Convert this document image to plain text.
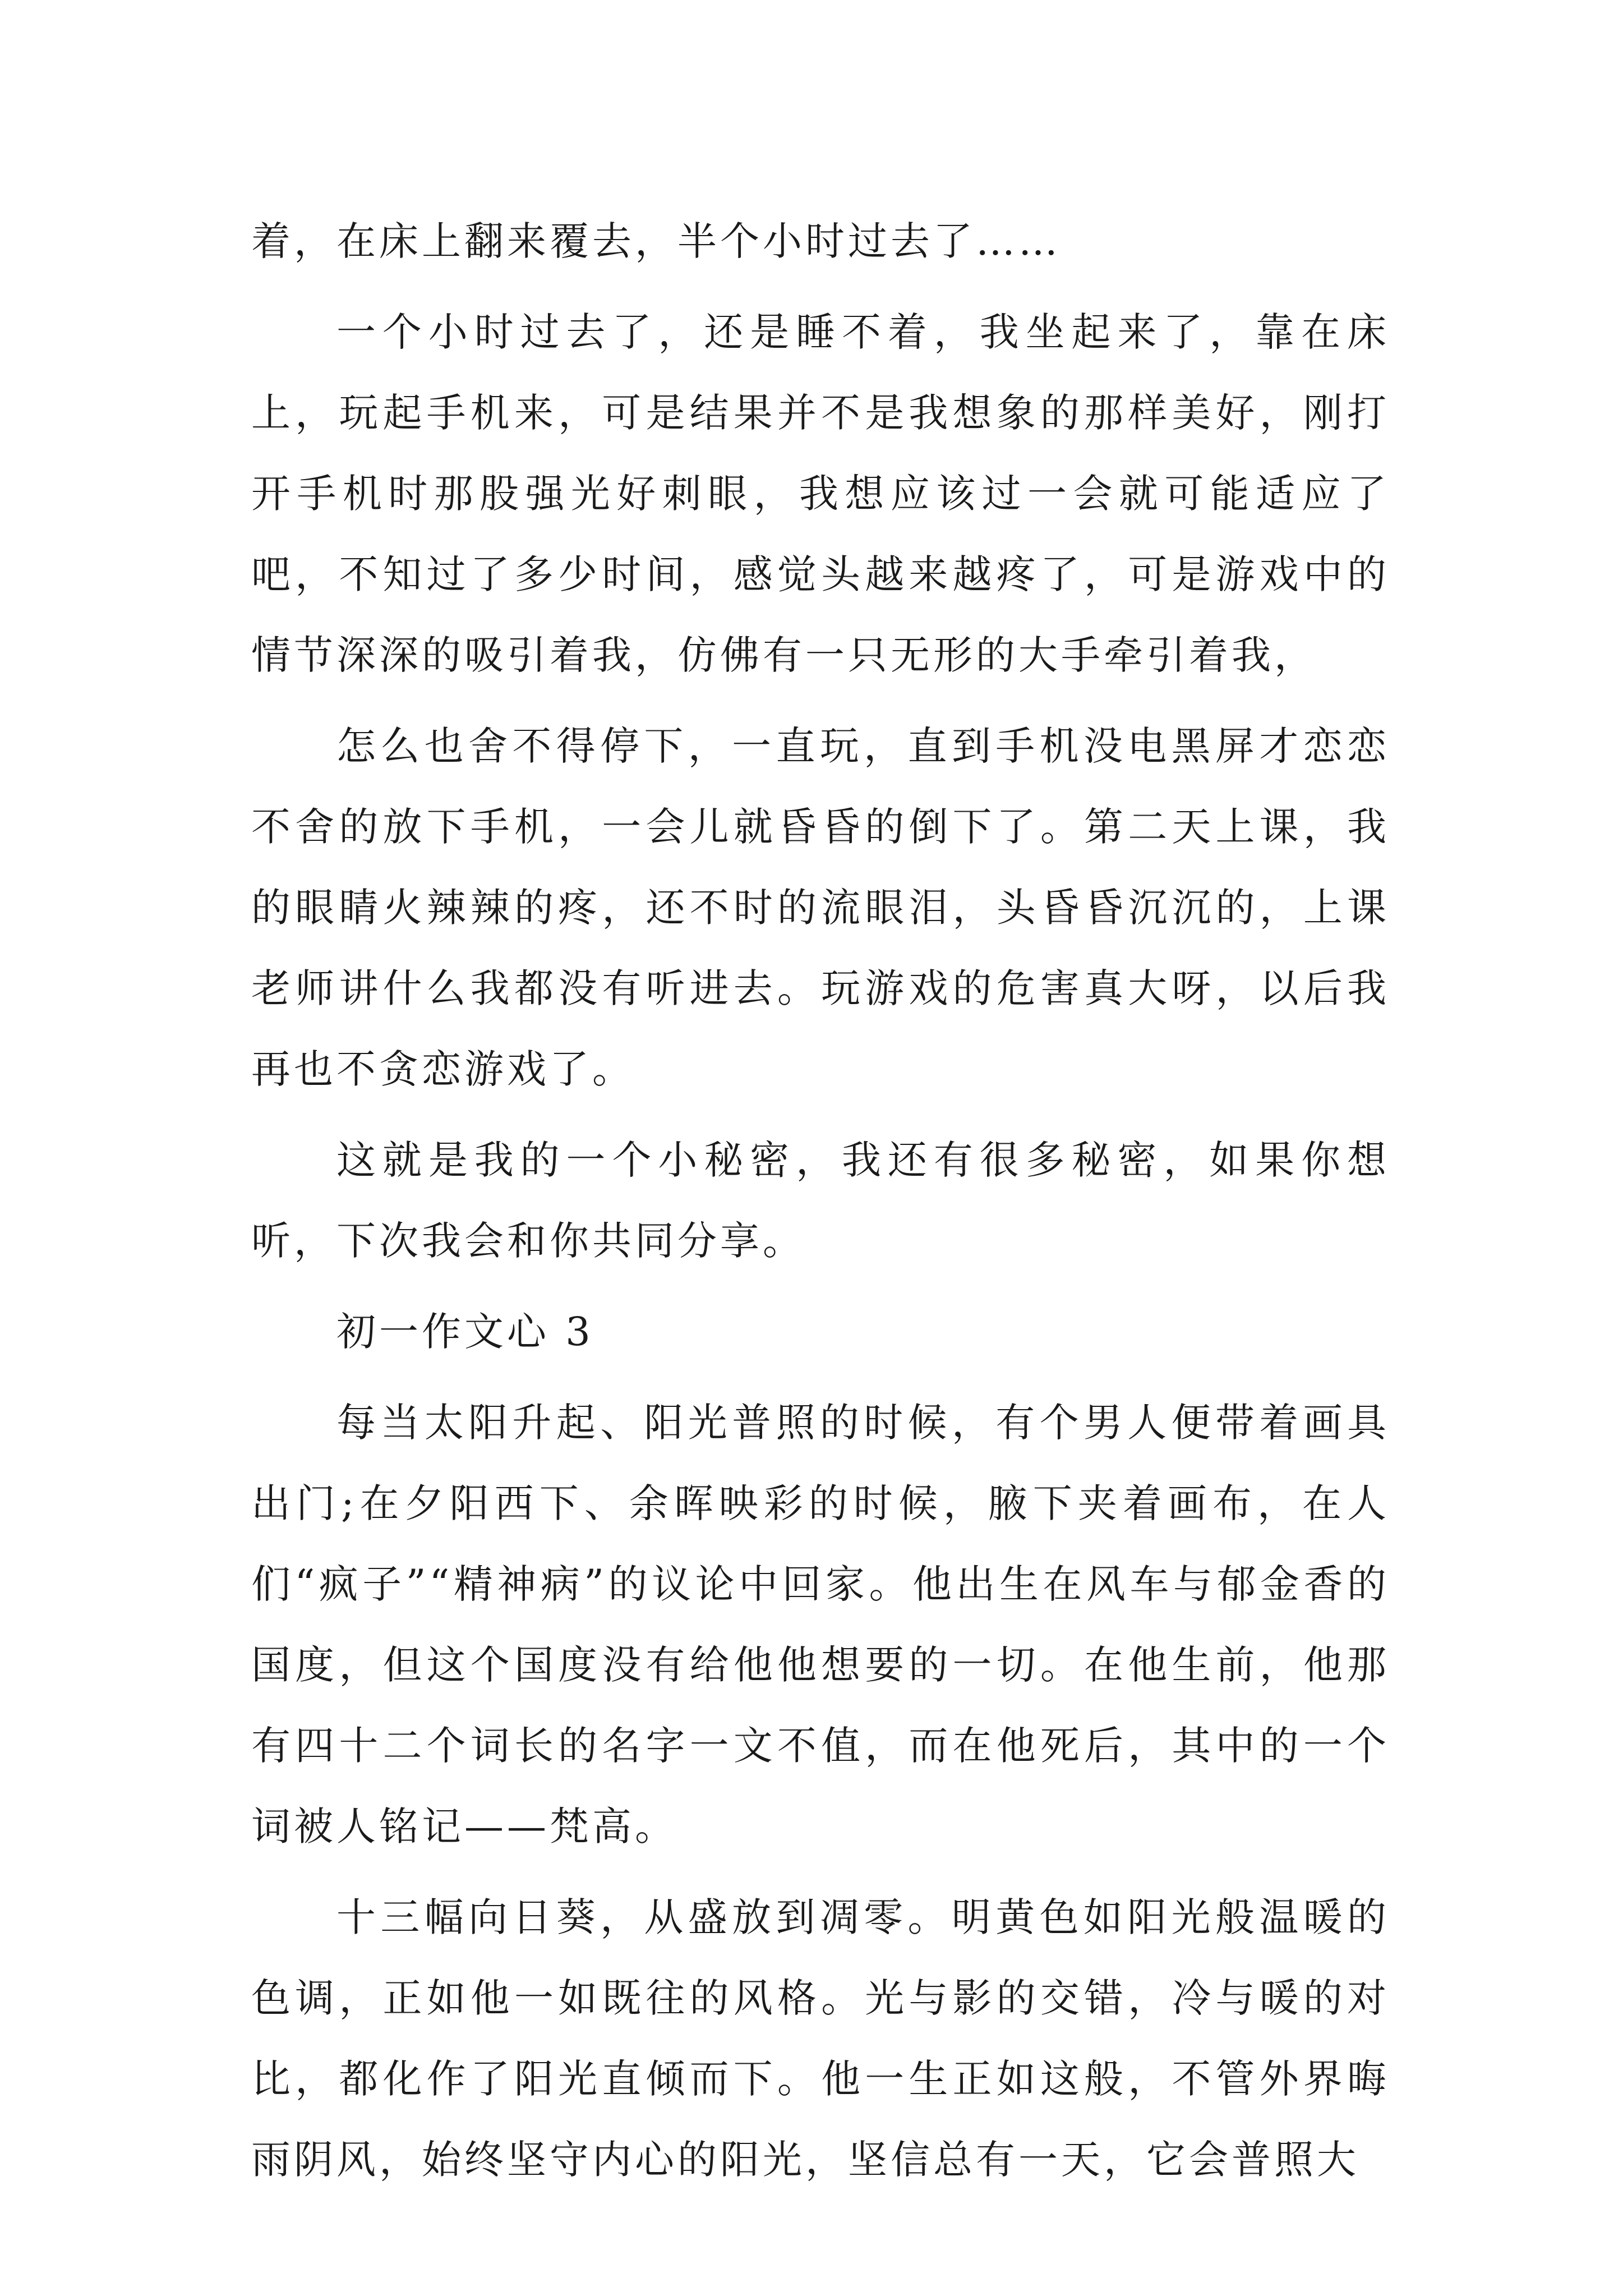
着，在床上翻来覆去，半个小时过去了……

一个小时过去了，还是睡不着，我坐起来了，靠在床上，玩起手机来，可是结果并不是我想象的那样美好，刚打开手机时那股强光好刺眼，我想应该过一会就可能适应了吧，不知过了多少时间，感觉头越来越疼了，可是游戏中的情节深深的吸引着我，仿佛有一只无形的大手牵引着我，

怎么也舍不得停下，一直玩，直到手机没电黑屏才恋恋不舍的放下手机，一会儿就昏昏的倒下了。第二天上课，我的眼睛火辣辣的疼，还不时的流眼泪，头昏昏沉沉的，上课老师讲什么我都没有听进去。玩游戏的危害真大呀，以后我再也不贪恋游戏了。

这就是我的一个小秘密，我还有很多秘密，如果你想听，下次我会和你共同分享。

初一作文心 3

每当太阳升起、阳光普照的时候，有个男人便带着画具出门;在夕阳西下、余晖映彩的时候，腋下夹着画布，在人们“疯子”“精神病”的议论中回家。他出生在风车与郁金香的国度，但这个国度没有给他他想要的一切。在他生前，他那有四十二个词长的名字一文不值，而在他死后，其中的一个词被人铭记——梵高。

十三幅向日葵，从盛放到凋零。明黄色如阳光般温暖的色调，正如他一如既往的风格。光与影的交错，冷与暖的对比，都化作了阳光直倾而下。他一生正如这般，不管外界晦雨阴风，始终坚守内心的阳光，坚信总有一天，它会普照大
